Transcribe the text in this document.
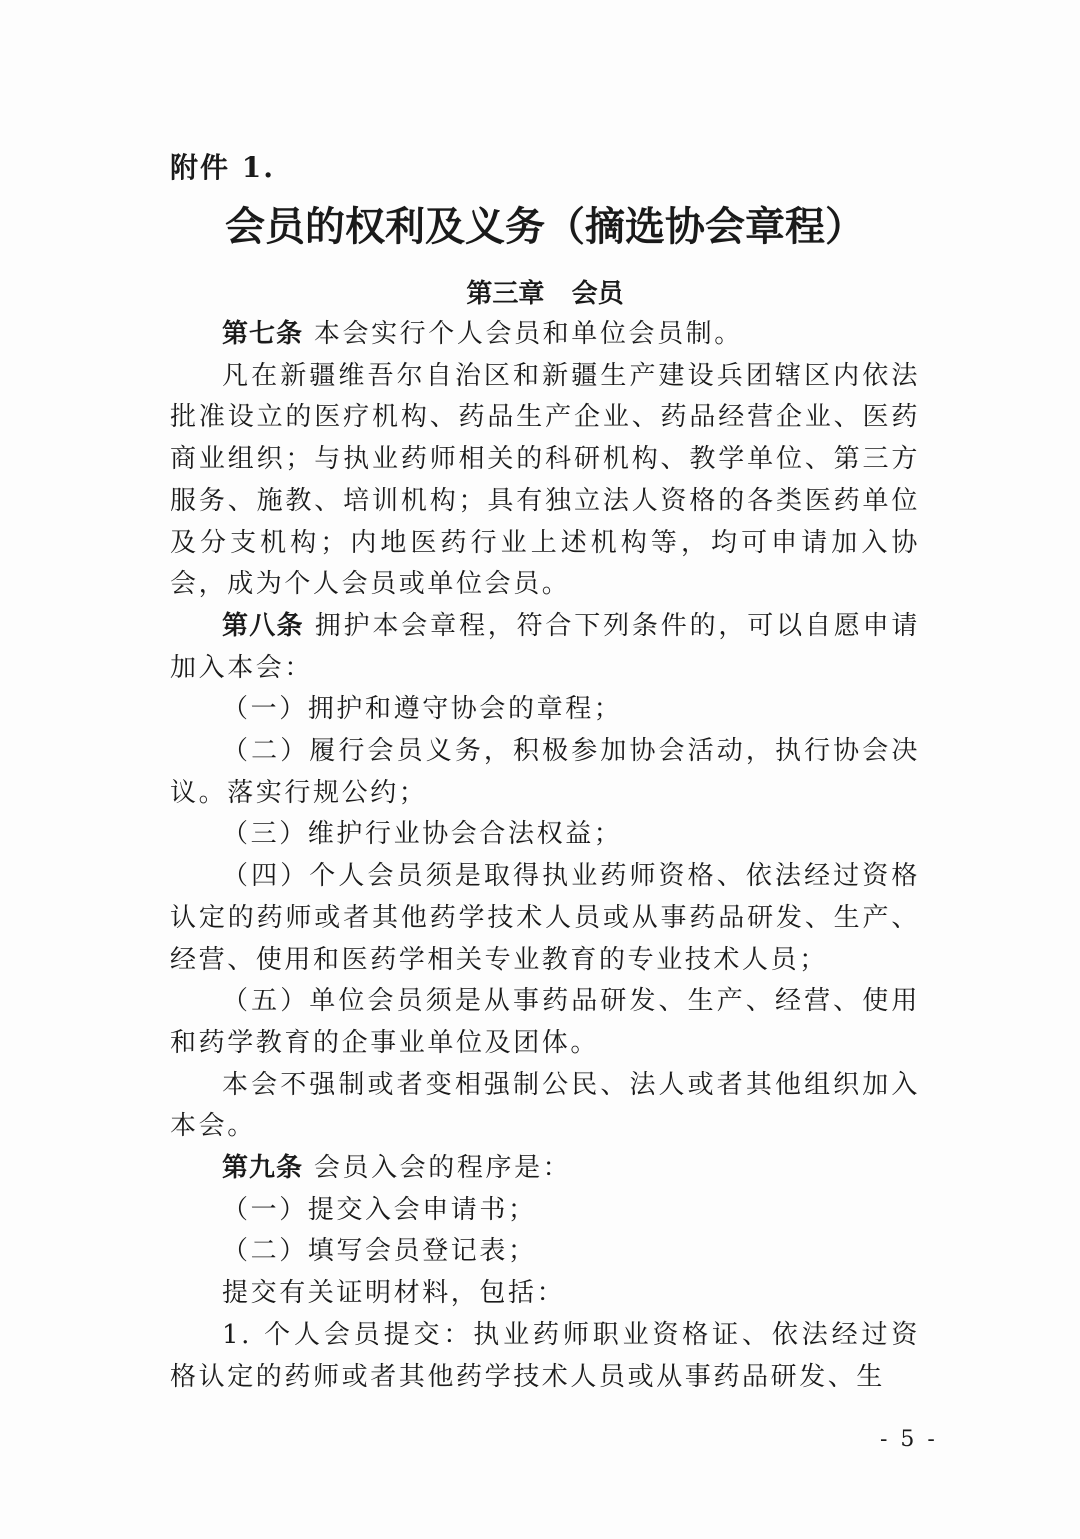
附件 1.
会员的权利及义务（摘选协会章程）
第三章   会员

第七条 本会实行个人会员和单位会员制。

凡在新疆维吾尔自治区和新疆生产建设兵团辖区内依法批准设立的医疗机构、药品生产企业、药品经营企业、医药商业组织；与执业药师相关的科研机构、教学单位、第三方服务、施教、培训机构；具有独立法人资格的各类医药单位及分支机构；内地医药行业上述机构等，均可申请加入协会，成为个人会员或单位会员。

第八条 拥护本会章程，符合下列条件的，可以自愿申请加入本会：

（一）拥护和遵守协会的章程；

（二）履行会员义务，积极参加协会活动，执行协会决议。落实行规公约；

（三）维护行业协会合法权益；

（四）个人会员须是取得执业药师资格、依法经过资格认定的药师或者其他药学技术人员或从事药品研发、生产、经营、使用和医药学相关专业教育的专业技术人员；

（五）单位会员须是从事药品研发、生产、经营、使用和药学教育的企事业单位及团体。

本会不强制或者变相强制公民、法人或者其他组织加入本会。

第九条 会员入会的程序是：

（一）提交入会申请书；

（二）填写会员登记表；

提交有关证明材料，包括：

1. 个人会员提交：执业药师职业资格证、依法经过资格认定的药师或者其他药学技术人员或从事药品研发、生

- 5 -
